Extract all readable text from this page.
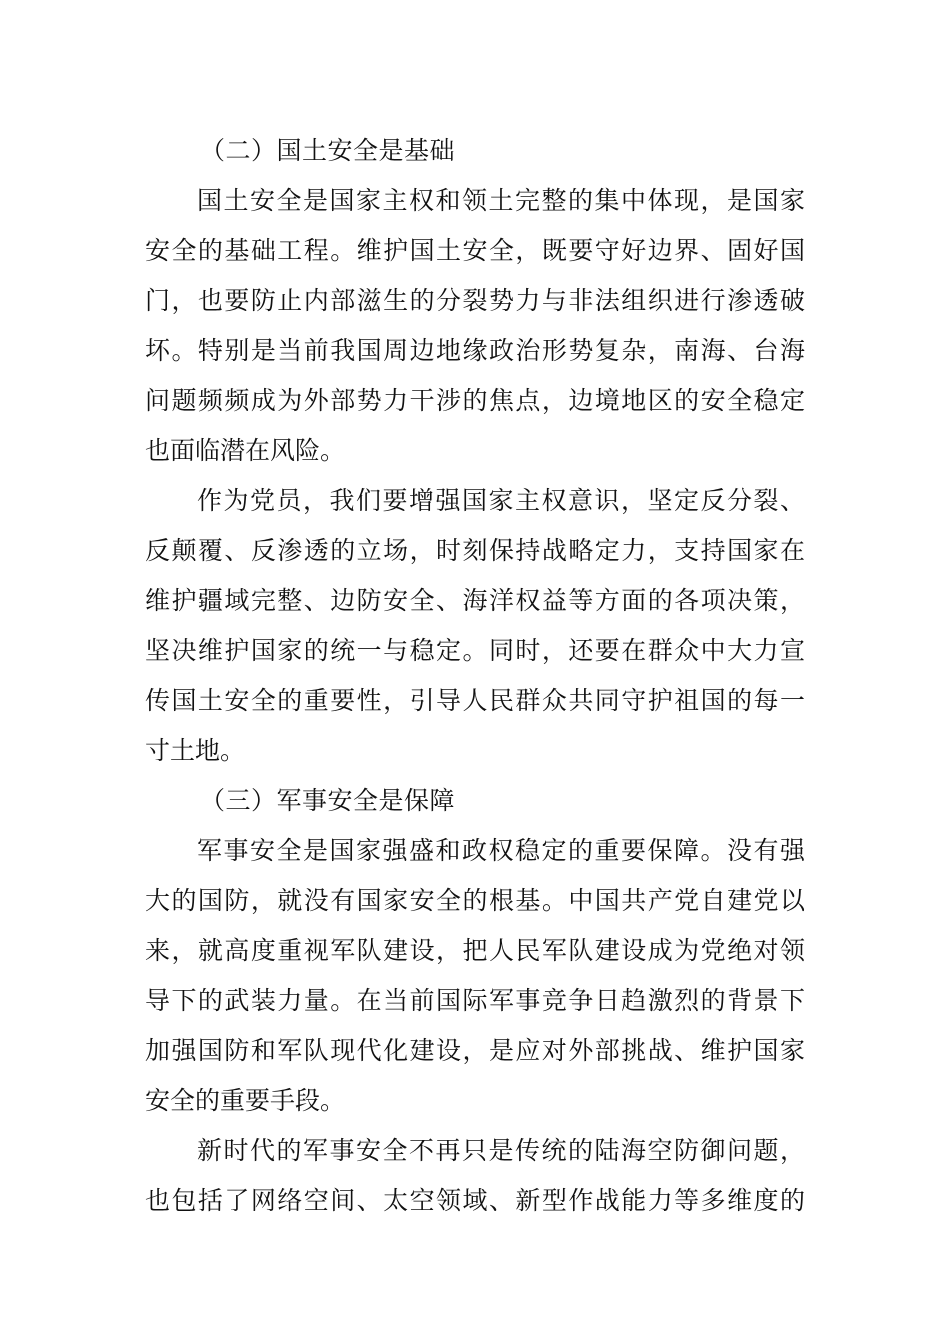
（二）国土安全是基础
国土安全是国家主权和领土完整的集中体现，是国家
安全的基础工程。维护国土安全，既要守好边界、固好国
门，也要防止内部滋生的分裂势力与非法组织进行渗透破
坏。特别是当前我国周边地缘政治形势复杂，南海、台海
问题频频成为外部势力干涉的焦点，边境地区的安全稳定
也面临潜在风险。
作为党员，我们要增强国家主权意识，坚定反分裂、
反颠覆、反渗透的立场，时刻保持战略定力，支持国家在
维护疆域完整、边防安全、海洋权益等方面的各项决策，
坚决维护国家的统一与稳定。同时，还要在群众中大力宣
传国土安全的重要性，引导人民群众共同守护祖国的每一
寸土地。
（三）军事安全是保障
军事安全是国家强盛和政权稳定的重要保障。没有强
大的国防，就没有国家安全的根基。中国共产党自建党以
来，就高度重视军队建设，把人民军队建设成为党绝对领
导下的武装力量。在当前国际军事竞争日趋激烈的背景下
加强国防和军队现代化建设，是应对外部挑战、维护国家
安全的重要手段。
新时代的军事安全不再只是传统的陆海空防御问题，
也包括了网络空间、太空领域、新型作战能力等多维度的
